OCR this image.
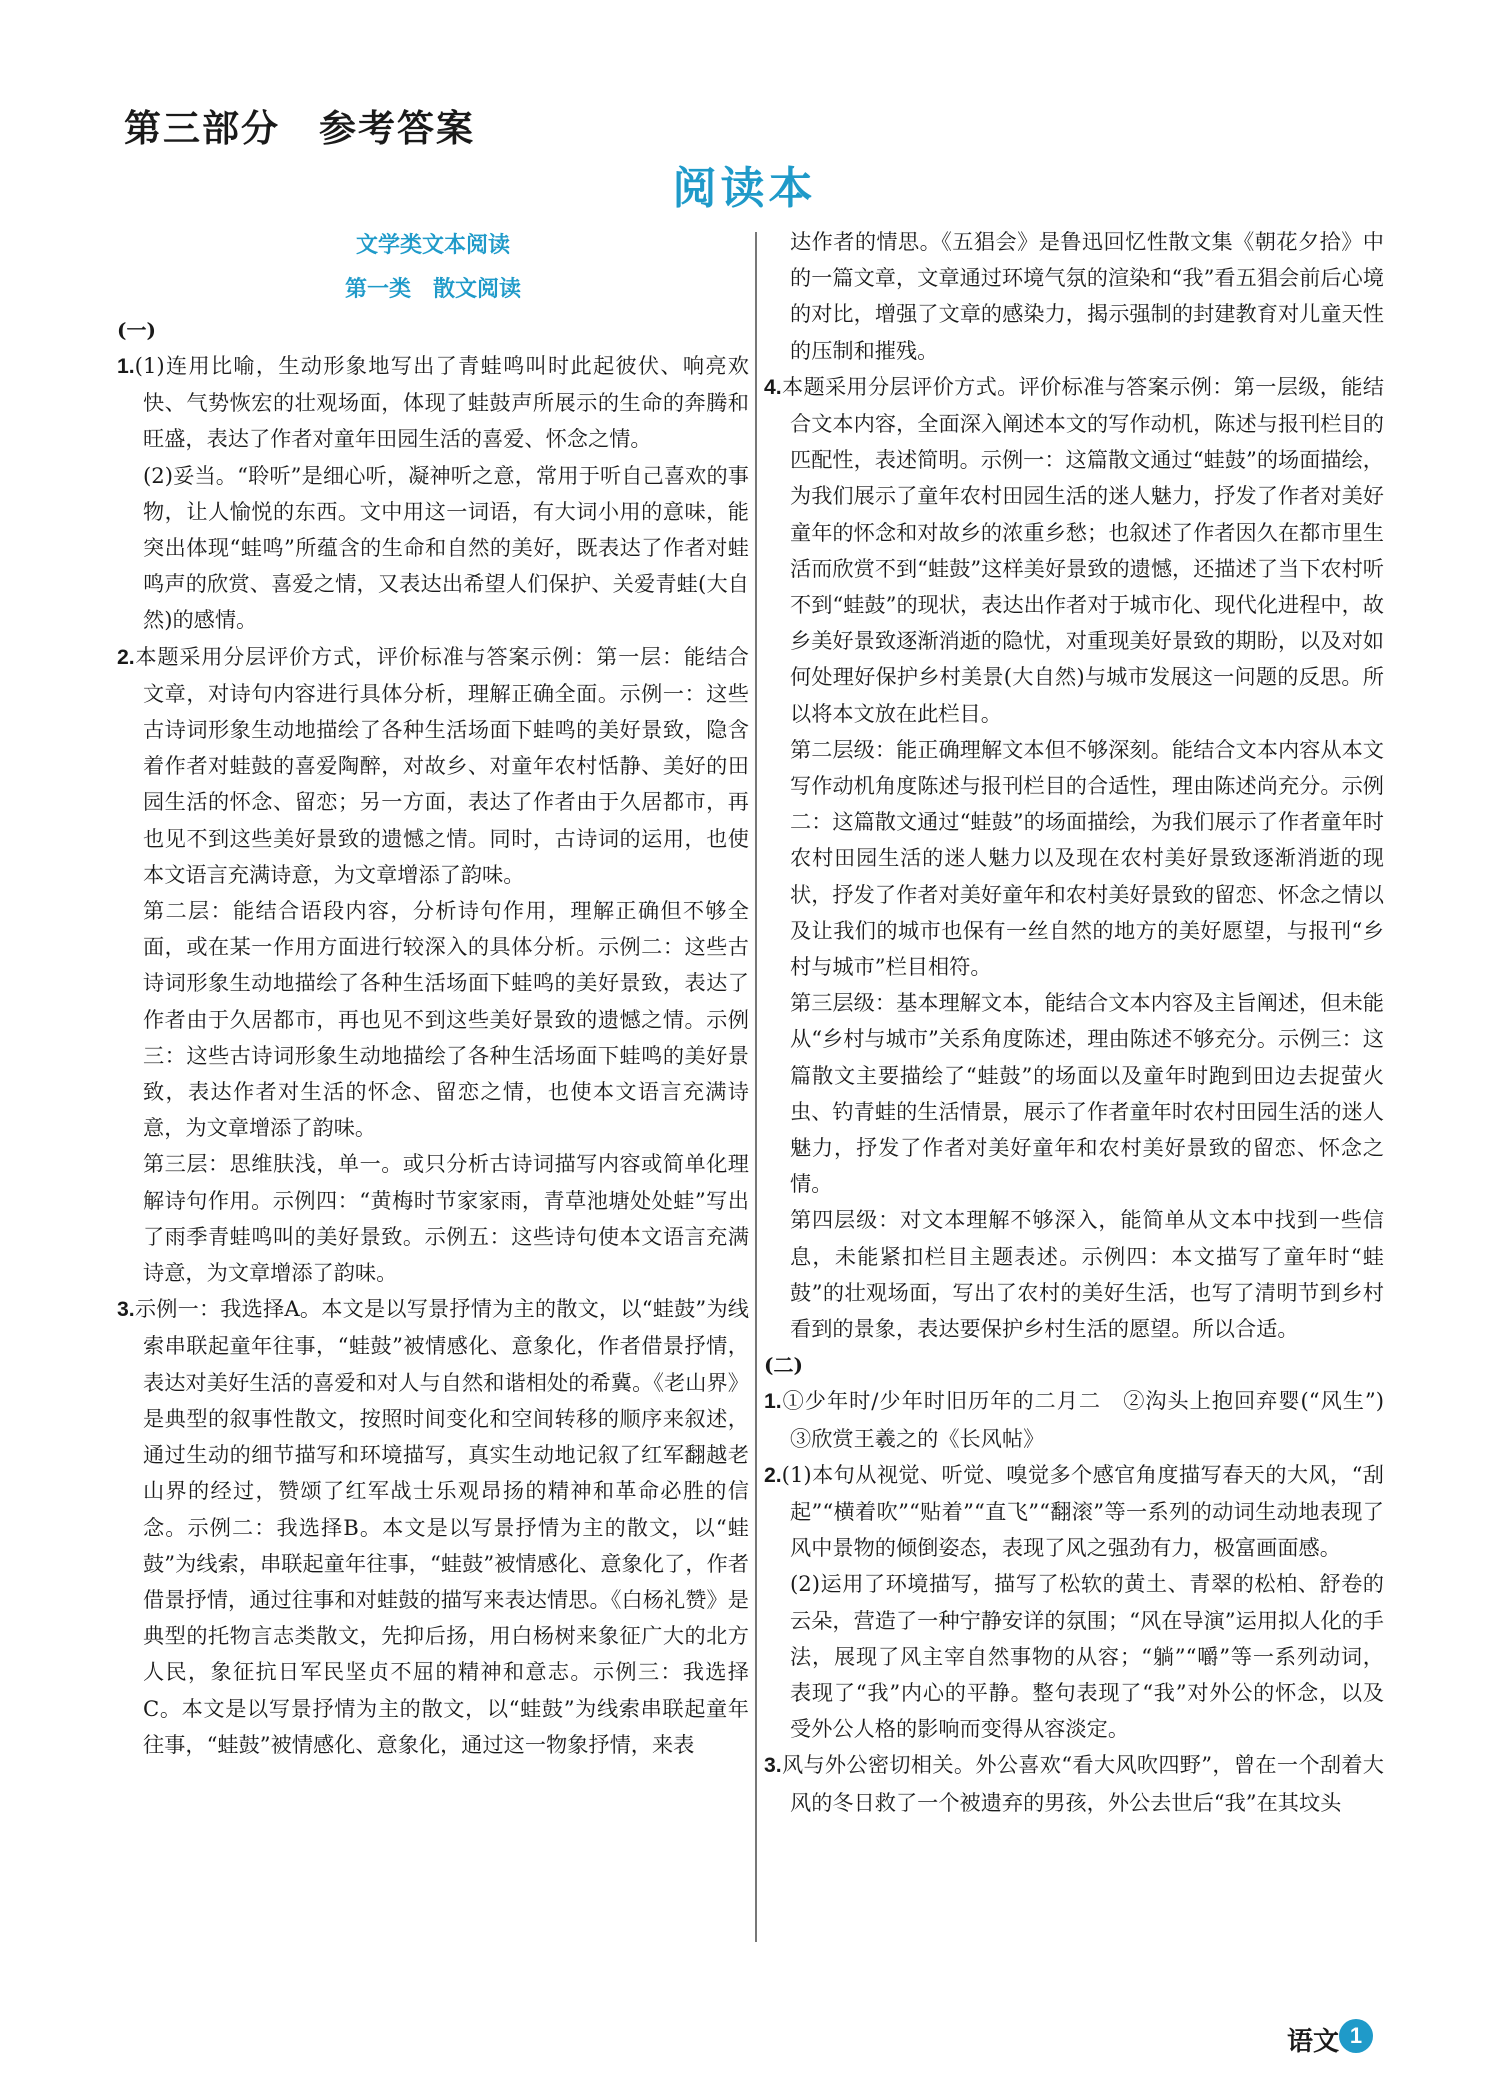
第三部分　参考答案
阅读本
文学类文本阅读
第一类　散文阅读
(一)

1.(1)连用比喻，生动形象地写出了青蛙鸣叫时此起彼伏、响亮欢快、气势恢宏的壮观场面，体现了蛙鼓声所展示的生命的奔腾和旺盛，表达了作者对童年田园生活的喜爱、怀念之情。

(2)妥当。“聆听”是细心听，凝神听之意，常用于听自己喜欢的事物，让人愉悦的东西。文中用这一词语，有大词小用的意味，能突出体现“蛙鸣”所蕴含的生命和自然的美好，既表达了作者对蛙鸣声的欣赏、喜爱之情，又表达出希望人们保护、关爱青蛙(大自然)的感情。

2.本题采用分层评价方式，评价标准与答案示例：第一层：能结合文章，对诗句内容进行具体分析，理解正确全面。示例一：这些古诗词形象生动地描绘了各种生活场面下蛙鸣的美好景致，隐含着作者对蛙鼓的喜爱陶醉，对故乡、对童年农村恬静、美好的田园生活的怀念、留恋；另一方面，表达了作者由于久居都市，再也见不到这些美好景致的遗憾之情。同时，古诗词的运用，也使本文语言充满诗意，为文章增添了韵味。

第二层：能结合语段内容，分析诗句作用，理解正确但不够全面，或在某一作用方面进行较深入的具体分析。示例二：这些古诗词形象生动地描绘了各种生活场面下蛙鸣的美好景致，表达了作者由于久居都市，再也见不到这些美好景致的遗憾之情。示例三：这些古诗词形象生动地描绘了各种生活场面下蛙鸣的美好景致，表达作者对生活的怀念、留恋之情，也使本文语言充满诗意，为文章增添了韵味。

第三层：思维肤浅，单一。或只分析古诗词描写内容或简单化理解诗句作用。示例四：“黄梅时节家家雨，青草池塘处处蛙”写出了雨季青蛙鸣叫的美好景致。示例五：这些诗句使本文语言充满诗意，为文章增添了韵味。

3.示例一：我选择A。本文是以写景抒情为主的散文，以“蛙鼓”为线索串联起童年往事，“蛙鼓”被情感化、意象化，作者借景抒情，表达对美好生活的喜爱和对人与自然和谐相处的希冀。《老山界》是典型的叙事性散文，按照时间变化和空间转移的顺序来叙述，通过生动的细节描写和环境描写，真实生动地记叙了红军翻越老山界的经过，赞颂了红军战士乐观昂扬的精神和革命必胜的信念。示例二：我选择B。本文是以写景抒情为主的散文，以“蛙鼓”为线索，串联起童年往事，“蛙鼓”被情感化、意象化了，作者借景抒情，通过往事和对蛙鼓的描写来表达情思。《白杨礼赞》是典型的托物言志类散文，先抑后扬，用白杨树来象征广大的北方人民，象征抗日军民坚贞不屈的精神和意志。示例三：我选择C。本文是以写景抒情为主的散文，以“蛙鼓”为线索串联起童年往事，“蛙鼓”被情感化、意象化，通过这一物象抒情，来表

达作者的情思。《五猖会》是鲁迅回忆性散文集《朝花夕拾》中的一篇文章，文章通过环境气氛的渲染和“我”看五猖会前后心境的对比，增强了文章的感染力，揭示强制的封建教育对儿童天性的压制和摧残。

4.本题采用分层评价方式。评价标准与答案示例：第一层级，能结合文本内容，全面深入阐述本文的写作动机，陈述与报刊栏目的匹配性，表述简明。示例一：这篇散文通过“蛙鼓”的场面描绘，为我们展示了童年农村田园生活的迷人魅力，抒发了作者对美好童年的怀念和对故乡的浓重乡愁；也叙述了作者因久在都市里生活而欣赏不到“蛙鼓”这样美好景致的遗憾，还描述了当下农村听不到“蛙鼓”的现状，表达出作者对于城市化、现代化进程中，故乡美好景致逐渐消逝的隐忧，对重现美好景致的期盼，以及对如何处理好保护乡村美景(大自然)与城市发展这一问题的反思。所以将本文放在此栏目。

第二层级：能正确理解文本但不够深刻。能结合文本内容从本文写作动机角度陈述与报刊栏目的合适性，理由陈述尚充分。示例二：这篇散文通过“蛙鼓”的场面描绘，为我们展示了作者童年时农村田园生活的迷人魅力以及现在农村美好景致逐渐消逝的现状，抒发了作者对美好童年和农村美好景致的留恋、怀念之情以及让我们的城市也保有一丝自然的地方的美好愿望，与报刊“乡村与城市”栏目相符。

第三层级：基本理解文本，能结合文本内容及主旨阐述，但未能从“乡村与城市”关系角度陈述，理由陈述不够充分。示例三：这篇散文主要描绘了“蛙鼓”的场面以及童年时跑到田边去捉萤火虫、钓青蛙的生活情景，展示了作者童年时农村田园生活的迷人魅力，抒发了作者对美好童年和农村美好景致的留恋、怀念之情。

第四层级：对文本理解不够深入，能简单从文本中找到一些信息，未能紧扣栏目主题表述。示例四：本文描写了童年时“蛙鼓”的壮观场面，写出了农村的美好生活，也写了清明节到乡村看到的景象，表达要保护乡村生活的愿望。所以合适。

(二)

1.①少年时/少年时旧历年的二月二　②沟头上抱回弃婴(“风生”)　③欣赏王羲之的《长风帖》

2.(1)本句从视觉、听觉、嗅觉多个感官角度描写春天的大风，“刮起”“横着吹”“贴着”“直飞”“翻滚”等一系列的动词生动地表现了风中景物的倾倒姿态，表现了风之强劲有力，极富画面感。

(2)运用了环境描写，描写了松软的黄土、青翠的松柏、舒卷的云朵，营造了一种宁静安详的氛围；“风在导演”运用拟人化的手法，展现了风主宰自然事物的从容；“躺”“嚼”等一系列动词，表现了“我”内心的平静。整句表现了“我”对外公的怀念，以及受外公人格的影响而变得从容淡定。

3.风与外公密切相关。外公喜欢“看大风吹四野”，曾在一个刮着大风的冬日救了一个被遗弃的男孩，外公去世后“我”在其坟头

语文 1
